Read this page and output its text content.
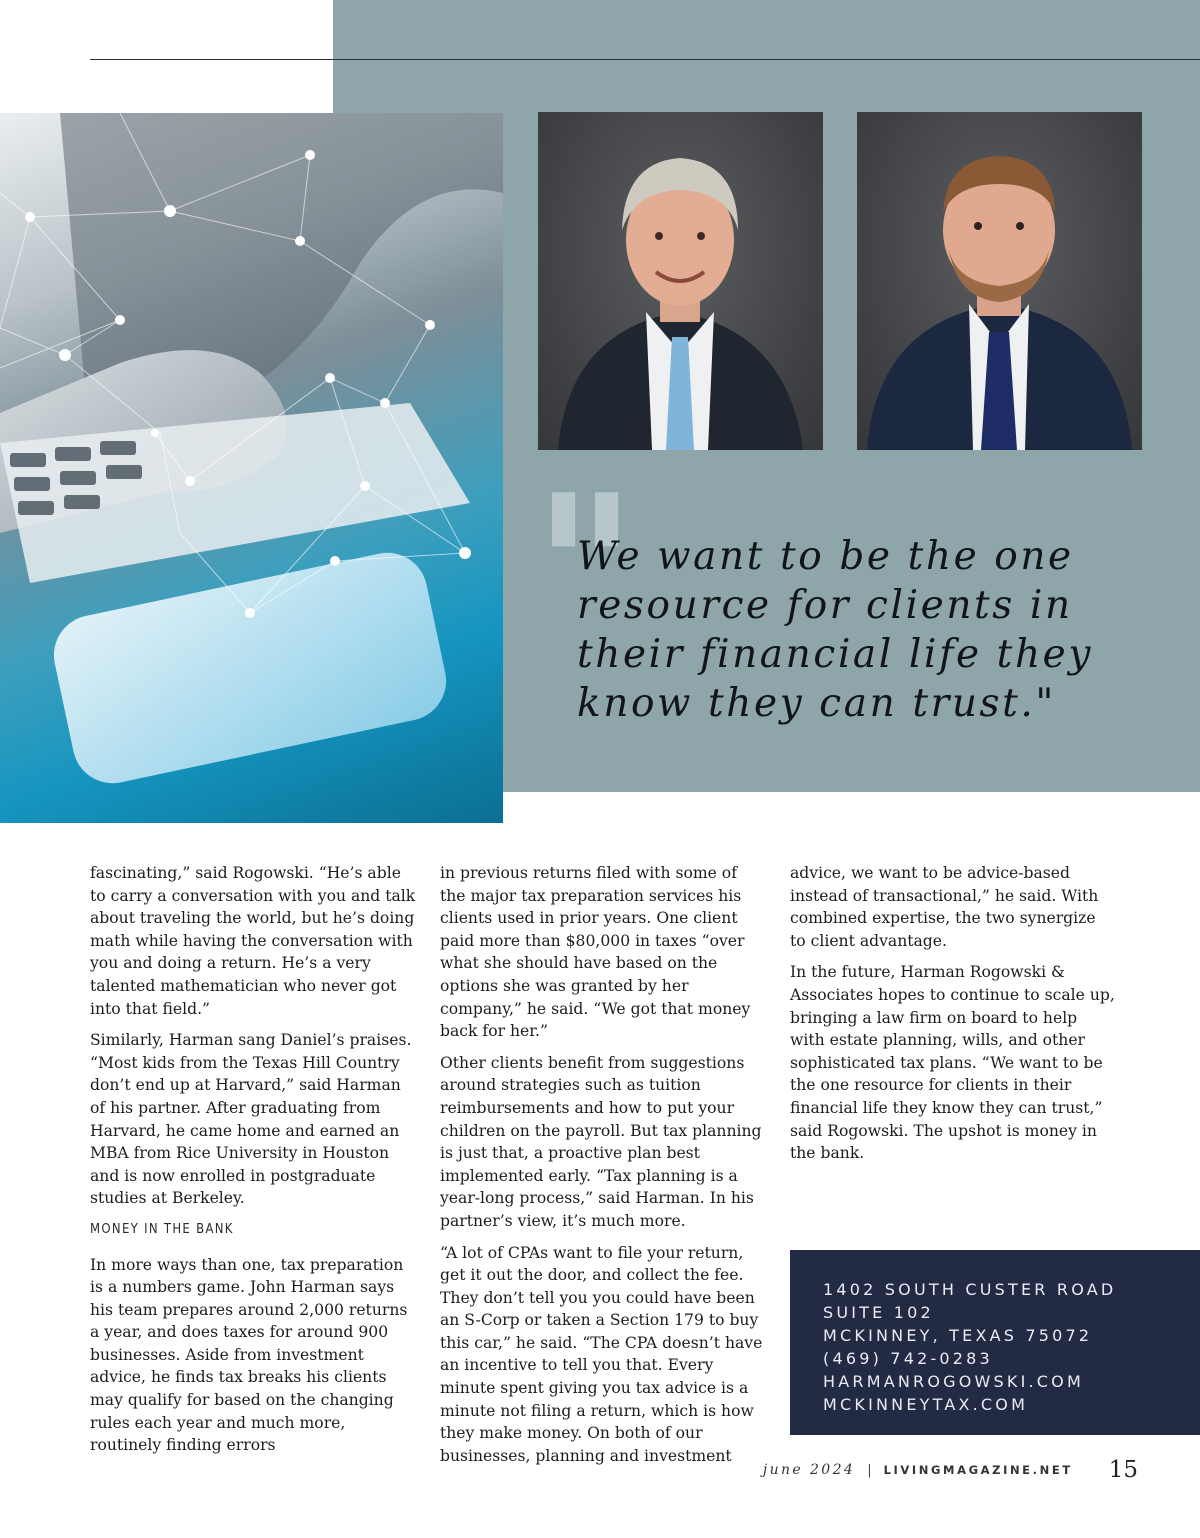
"
We want to be the one
resource for clients in
their financial life they
know they can trust."

fascinating,” said Rogowski. “He’s able to carry a conversation with you and talk about traveling the world, but he’s doing math while having the conversation with you and doing a return. He’s a very talented mathematician who never got into that field.”

Similarly, Harman sang Daniel’s praises. “Most kids from the Texas Hill Country don’t end up at Harvard,” said Harman of his partner. After graduating from Harvard, he came home and earned an MBA from Rice University in Houston and is now enrolled in postgraduate studies at Berkeley.

MONEY IN THE BANK

In more ways than one, tax preparation is a numbers game. John Harman says his team prepares around 2,000 returns a year, and does taxes for around 900 businesses. Aside from investment advice, he finds tax breaks his clients may qualify for based on the changing rules each year and much more, routinely finding errors

in previous returns filed with some of the major tax preparation services his clients used in prior years. One client paid more than $80,000 in taxes “over what she should have based on the options she was granted by her company,” he said. “We got that money back for her.”

Other clients benefit from suggestions around strategies such as tuition reimbursements and how to put your children on the payroll. But tax planning is just that, a proactive plan best implemented early. “Tax planning is a year-long process,” said Harman. In his partner’s view, it’s much more.

“A lot of CPAs want to file your return, get it out the door, and collect the fee. They don’t tell you you could have been an S-Corp or taken a Section 179 to buy this car,” he said. “The CPA doesn’t have an incentive to tell you that. Every minute spent giving you tax advice is a minute not filing a return, which is how they make money. On both of our businesses, planning and investment

advice, we want to be advice-based instead of transactional,” he said. With combined expertise, the two synergize to client advantage.

In the future, Harman Rogowski & Associates hopes to continue to scale up, bringing a law firm on board to help with estate planning, wills, and other sophisticated tax plans. “We want to be the one resource for clients in their financial life they know they can trust,” said Rogowski. The upshot is money in the bank.

1402 SOUTH CUSTER ROAD
SUITE 102
MCKINNEY, TEXAS 75072
(469) 742-0283
HARMANROGOWSKI.COM
MCKINNEYTAX.COM
june 2024 | LIVINGMAGAZINE.NET 15
